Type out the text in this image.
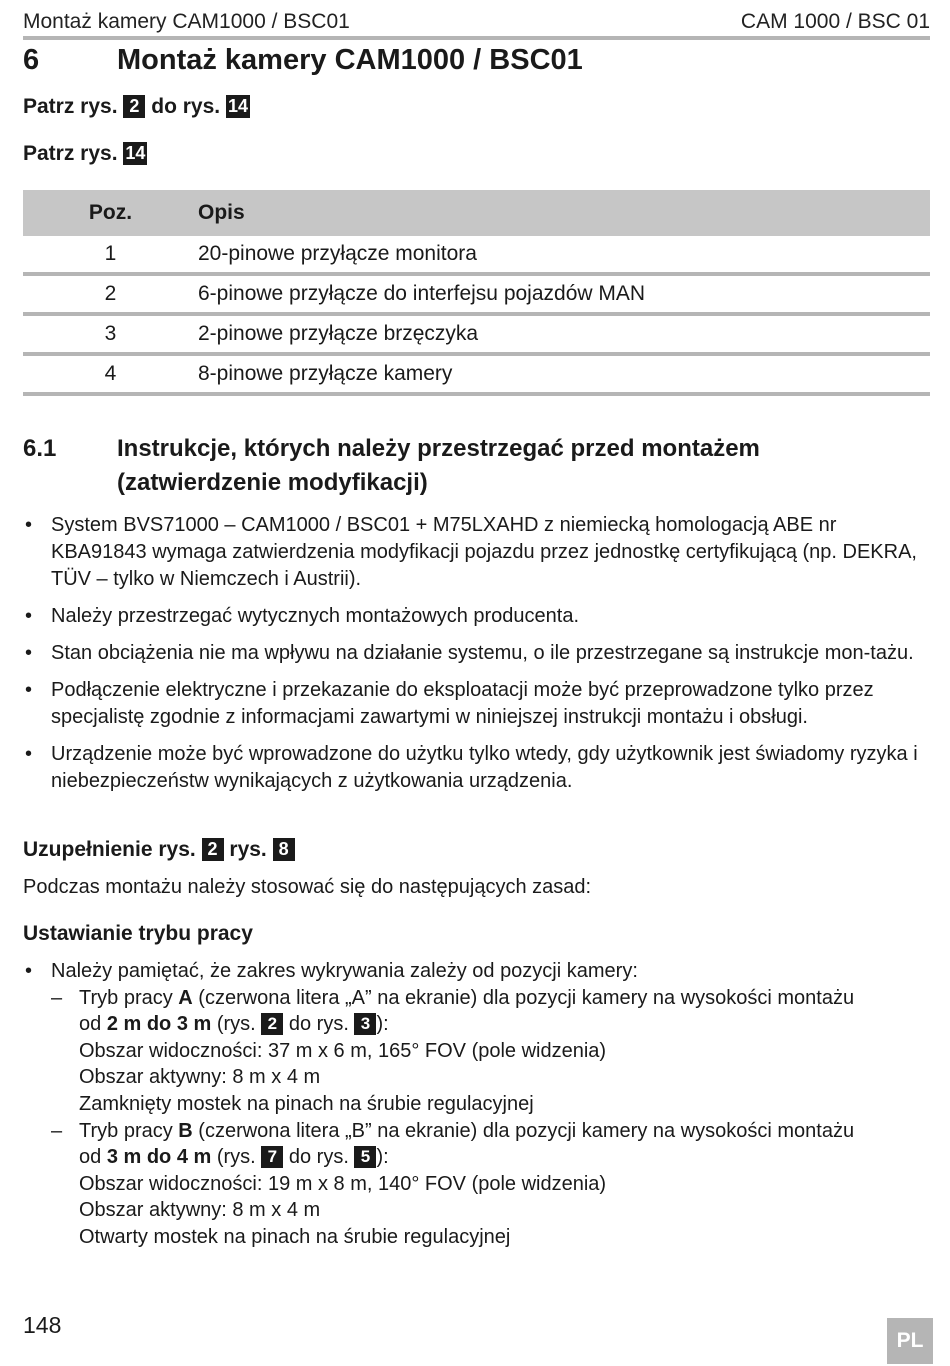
Montaż kamery CAM1000 / BSC01	CAM 1000 / BSC 01
6	Montaż kamery CAM1000 / BSC01
Patrz rys. 2 do rys. 14
Patrz rys. 14
Poz.	Opis
1	20-pinowe przyłącze monitora
2	6-pinowe przyłącze do interfejsu pojazdów MAN
3	2-pinowe przyłącze brzęczyka
4	8-pinowe przyłącze kamery
6.1	Instrukcje, których należy przestrzegać przed montażem (zatwierdzenie modyfikacji)
• System BVS71000 – CAM1000 / BSC01 + M75LXAHD z niemiecką homologacją ABE nr KBA91843 wymaga zatwierdzenia modyfikacji pojazdu przez jednostkę certyfikującą (np. DEKRA, TÜV – tylko w Niemczech i Austrii).
• Należy przestrzegać wytycznych montażowych producenta.
• Stan obciążenia nie ma wpływu na działanie systemu, o ile przestrzegane są instrukcje mon-tażu.
• Podłączenie elektryczne i przekazanie do eksploatacji może być przeprowadzone tylko przez specjalistę zgodnie z informacjami zawartymi w niniejszej instrukcji montażu i obsługi.
• Urządzenie może być wprowadzone do użytku tylko wtedy, gdy użytkownik jest świadomy ryzyka i niebezpieczeństw wynikających z użytkowania urządzenia.
Uzupełnienie rys. 2 rys. 8
Podczas montażu należy stosować się do następujących zasad:
Ustawianie trybu pracy
• Należy pamiętać, że zakres wykrywania zależy od pozycji kamery:
– Tryb pracy A (czerwona litera „A” na ekranie) dla pozycji kamery na wysokości montażu
od 2 m do 3 m (rys. 2 do rys. 3 ):
Obszar widoczności: 37 m x 6 m, 165° FOV (pole widzenia)
Obszar aktywny: 8 m x 4 m
Zamknięty mostek na pinach na śrubie regulacyjnej
– Tryb pracy B (czerwona litera „B” na ekranie) dla pozycji kamery na wysokości montażu
od 3 m do 4 m (rys. 7 do rys. 5 ):
Obszar widoczności: 19 m x 8 m, 140° FOV (pole widzenia)
Obszar aktywny: 8 m x 4 m
Otwarty mostek na pinach na śrubie regulacyjnej
148
PL
